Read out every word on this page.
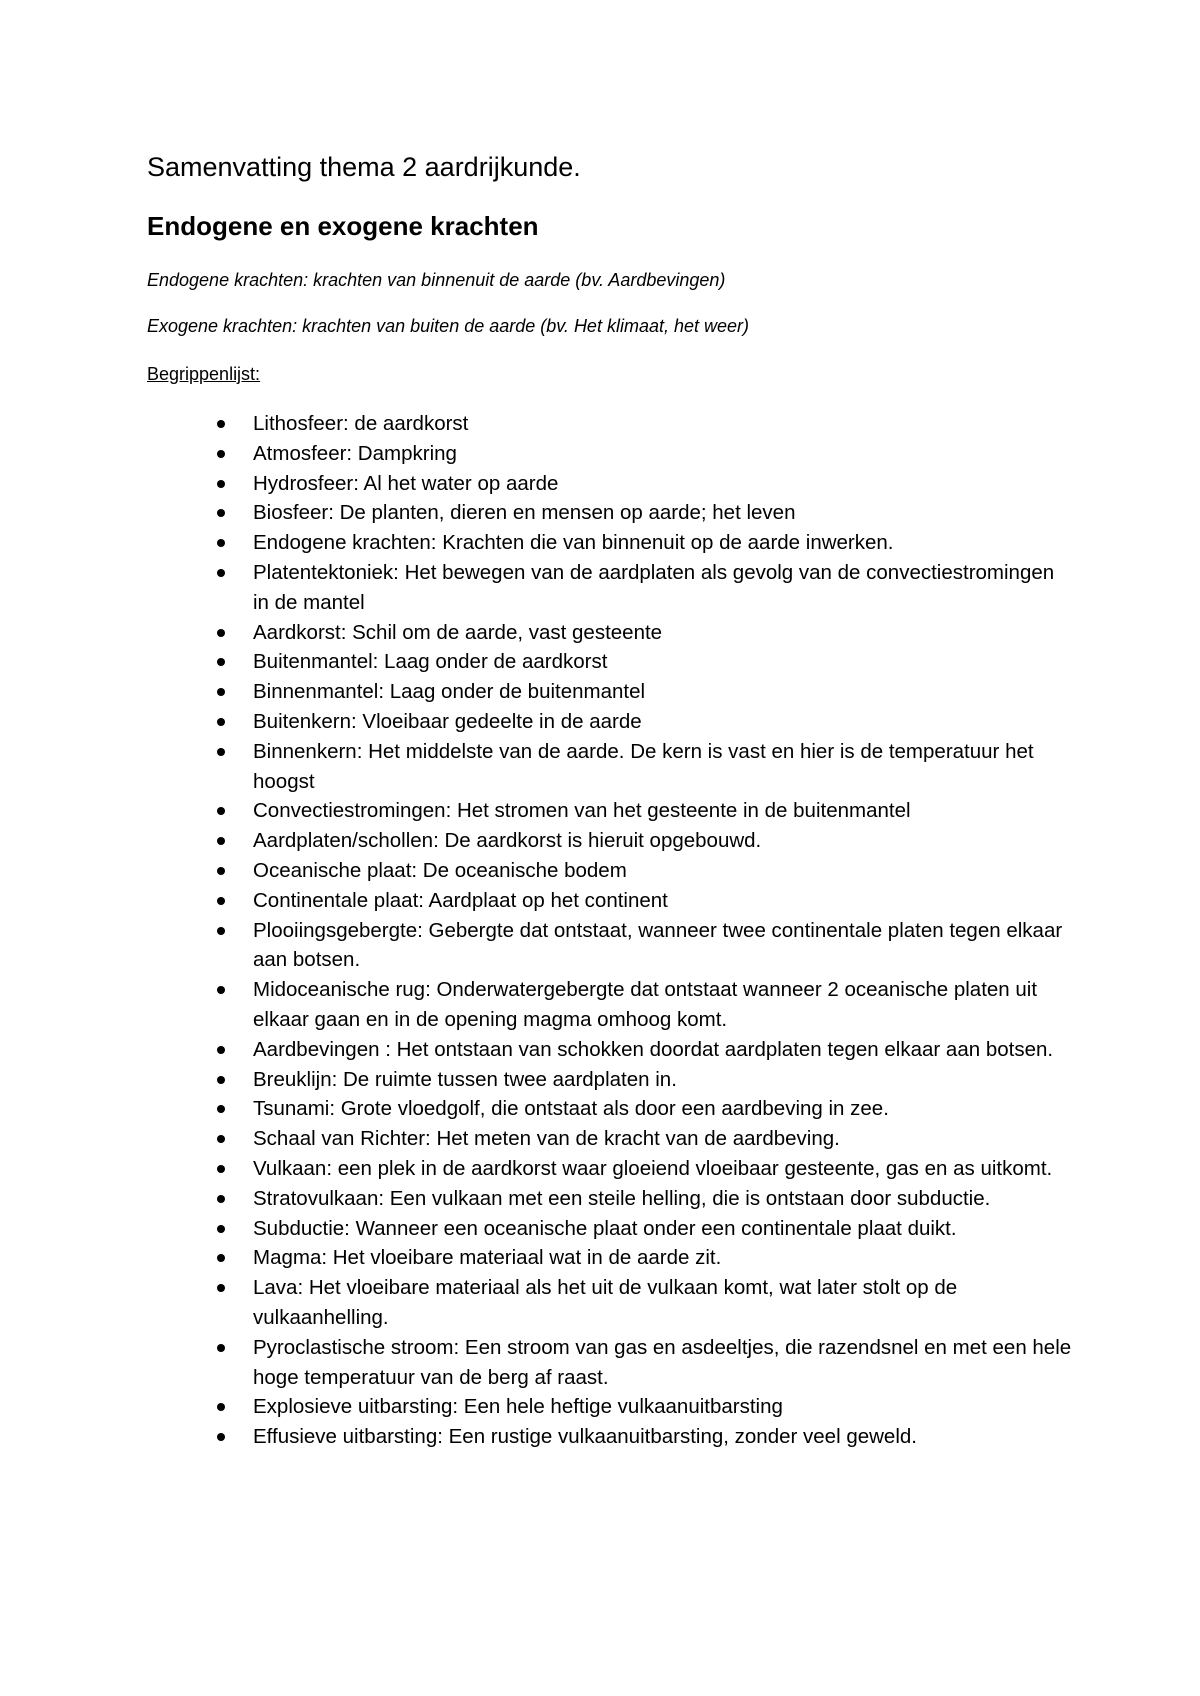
Samenvatting thema 2 aardrijkunde.
Endogene en exogene krachten

Endogene krachten: krachten van binnenuit de aarde (bv. Aardbevingen)

Exogene krachten: krachten van buiten de aarde (bv. Het klimaat, het weer)

Begrippenlijst:

Lithosfeer: de aardkorst
Atmosfeer: Dampkring
Hydrosfeer: Al het water op aarde
Biosfeer: De planten, dieren en mensen op aarde; het leven
Endogene krachten: Krachten die van binnenuit op de aarde inwerken.
Platentektoniek: Het bewegen van de aardplaten als gevolg van de convectiestromingen in de mantel
Aardkorst: Schil om de aarde, vast gesteente
Buitenmantel: Laag onder de aardkorst
Binnenmantel: Laag onder de buitenmantel
Buitenkern: Vloeibaar gedeelte in de aarde
Binnenkern: Het middelste van de aarde. De kern is vast en hier is de temperatuur het hoogst
Convectiestromingen: Het stromen van het gesteente in de buitenmantel
Aardplaten/schollen: De aardkorst is hieruit opgebouwd.
Oceanische plaat: De oceanische bodem
Continentale plaat: Aardplaat op het continent
Plooiingsgebergte: Gebergte dat ontstaat, wanneer twee continentale platen tegen elkaar aan botsen.
Midoceanische rug: Onderwatergebergte dat ontstaat wanneer 2 oceanische platen uit elkaar gaan en in de opening magma omhoog komt.
Aardbevingen : Het ontstaan van schokken doordat aardplaten tegen elkaar aan botsen.
Breuklijn: De ruimte tussen twee aardplaten in.
Tsunami: Grote vloedgolf, die ontstaat als door een aardbeving in zee.
Schaal van Richter: Het meten van de kracht van de aardbeving.
Vulkaan: een plek in de aardkorst waar gloeiend vloeibaar gesteente, gas en as uitkomt.
Stratovulkaan: Een vulkaan met een steile helling, die is ontstaan door subductie.
Subductie: Wanneer een oceanische plaat onder een continentale plaat duikt.
Magma: Het vloeibare materiaal wat in de aarde zit.
Lava: Het vloeibare materiaal als het uit de vulkaan komt, wat later stolt op de vulkaanhelling.
Pyroclastische stroom: Een stroom van gas en asdeeltjes, die razendsnel en met een hele hoge temperatuur van de berg af raast.
Explosieve uitbarsting: Een hele heftige vulkaanuitbarsting
Effusieve uitbarsting: Een rustige vulkaanuitbarsting, zonder veel geweld.
